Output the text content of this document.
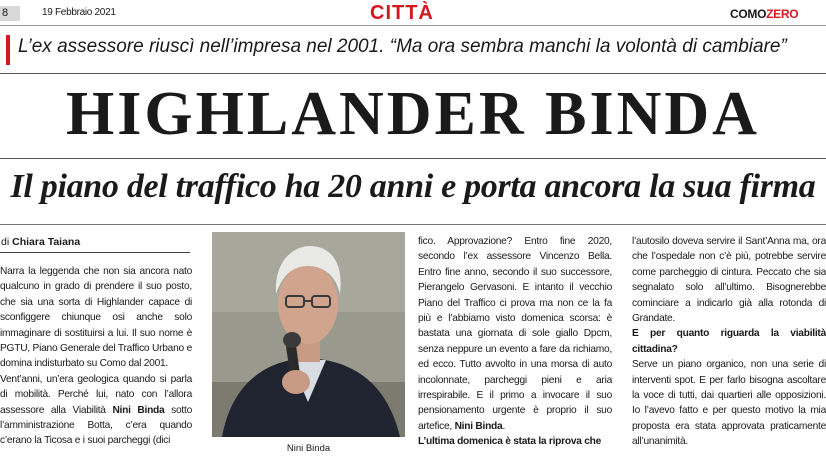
8	19 Febbraio 2021	CITTÀ	COMOZERO
L’ex assessore riuscì nell’impresa nel 2001. “Ma ora sembra manchi la volontà di cambiare”
HIGHLANDER BINDA
Il piano del traffico ha 20 anni e porta ancora la sua firma
di Chiara Taiana

Narra la leggenda che non sia ancora nato qualcuno in grado di prendere il suo posto, che sia una sorta di Highlander capace di sconfiggere chiunque osi anche solo immaginare di sostituirsi a lui. Il suo nome è PGTU, Piano Generale del Traffico Urbano e domina indisturbato su Como dal 2001.

Vent’anni, un’era geologica quando si parla di mobilità. Perché lui, nato con l’allora assessore alla Viabilità Nini Binda sotto l’amministrazione Botta, c’era quando c’erano la Ticosa e i suoi parcheggi (dici

Nini Binda

fico. Approvazione? Entro fine 2020, secondo l’ex assessore Vincenzo Bella. Entro fine anno, secondo il suo successore, Pierangelo Gervasoni. E intanto il vecchio Piano del Traffico ci prova ma non ce la fa più e l’abbiamo visto domenica scorsa: è bastata una giornata di sole giallo Dpcm, senza neppure un evento a fare da richiamo, ed ecco. Tutto avvolto in una morsa di auto incolonnate, parcheggi pieni e aria irrespirabile. E il primo a invocare il suo pensionamento urgente è proprio il suo artefice, Nini Binda.

L’ultima domenica è stata la riprova che

l’autosilo doveva servire il Sant’Anna ma, ora che l’ospedale non c’è più, potrebbe servire come parcheggio di cintura. Peccato che sia segnalato solo all’ultimo. Bisognerebbe cominciare a indicarlo già alla rotonda di Grandate.

E per quanto riguarda la viabilità cittadina?

Serve un piano organico, non una serie di interventi spot. E per farlo bisogna ascoltare la voce di tutti, dai quartieri alle opposizioni. Io l’avevo fatto e per questo motivo la mia proposta era stata approvata praticamente all’unanimità.
